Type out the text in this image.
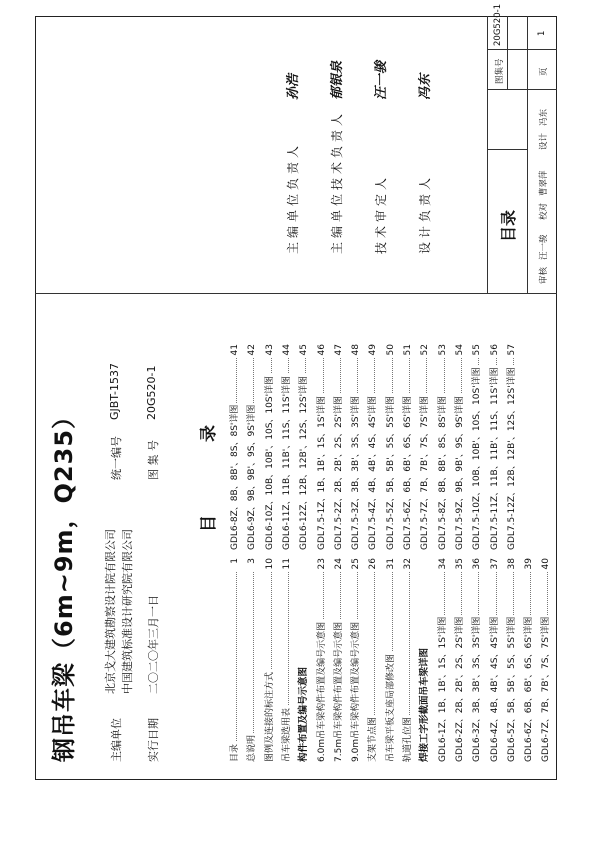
钢吊车梁（6m~9m，Q235）	主编单位
北京戈大建筑勘察设计院有限公司 中国建筑标准设计研究院有限公司
统一编号
GJBT-1537
实行日期
二〇二〇年三月一日
图 集 号
20G520-1
目
录
目录
1
总说明
3
图例及连接的标注方式
10
吊车梁选用表
11
构件布置及编号示意图 6.0m吊车梁构件布置及编号示意图
23
7.5m吊车梁构件布置及编号示意图
24
9.0m吊车梁构件布置及编号示意图
25
支架节点图
26
吊车梁平板支座局部修改图
31
轨道孔位图
32
焊接工字形截面吊车梁详图 GDL6-1Z、1B、1B'、1S、1S'详图
34
GDL6-2Z、2B、2B'、2S、2S'详图
35
GDL6-3Z、3B、3B'、3S、3S'详图
36
GDL6-4Z、4B、4B'、4S、4S'详图
37
GDL6-5Z、5B、5B'、5S、5S'详图
38
GDL6-6Z、6B、6B'、6S、6S'详图
39
GDL6-7Z、7B、7B'、7S、7S'详图
40
GDL6-8Z、8B、8B'、8S、8S'详图
41
GDL6-9Z、9B、9B'、9S、9S'详图
42
GDL6-10Z、10B、10B'、10S、10S'详图
43
GDL6-11Z、11B、11B'、11S、11S'详图
44
GDL6-12Z、12B、12B'、12S、12S'详图
45
GDL7.5-1Z、1B、1B'、1S、1S'详图
46
GDL7.5-2Z、2B、2B'、2S、2S'详图
47
GDL7.5-3Z、3B、3B'、3S、3S'详图
48
GDL7.5-4Z、4B、4B'、4S、4S'详图
49
GDL7.5-5Z、5B、5B'、5S、5S'详图
50
GDL7.5-6Z、6B、6B'、6S、6S'详图
51
GDL7.5-7Z、7B、7B'、7S、7S'详图
52
GDL7.5-8Z、8B、8B'、8S、8S'详图
53
GDL7.5-9Z、9B、9B'、9S、9S'详图
54
GDL7.5-10Z、10B、10B'、10S、10S'详图
55
GDL7.5-11Z、11B、11B'、11S、11S'详图
56
GDL7.5-12Z、12B、12B'、12S、12S'详图
57
主编单位负责人
孙浩
主编单位技术负责人
郁银泉
技术审定人
汪一骏
设计负责人
冯东
目录
审核
汪一骏
校对
曹翠萍
设计
冯东
图集号
20G520-1
页
1
